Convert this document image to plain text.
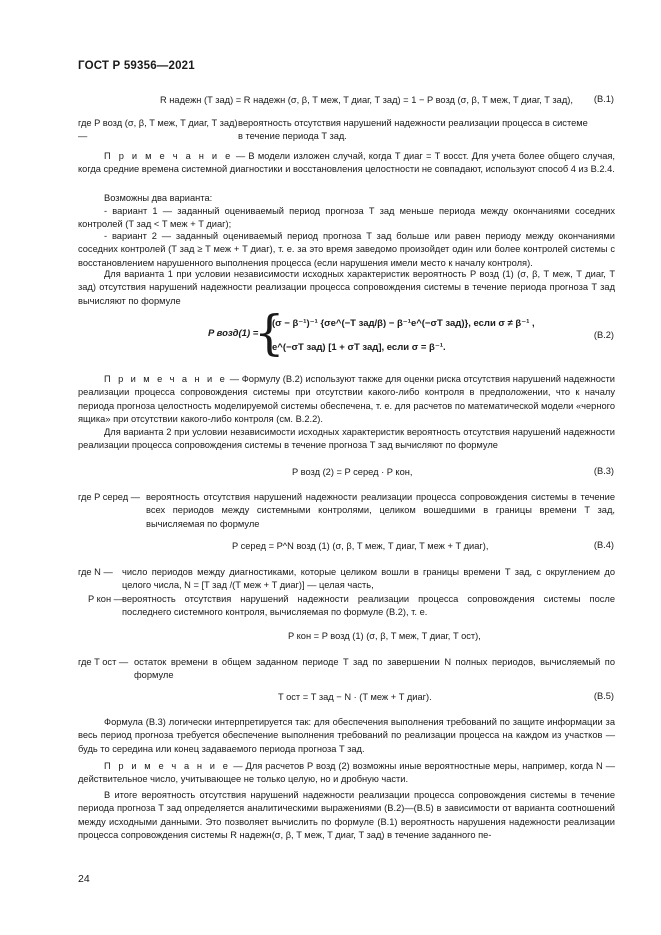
ГОСТ Р 59356—2021
R надежн (T зад) = R надежн (σ, β, T меж, T диаг, T зад) = 1 − P возд (σ, β, T меж, T диаг, T зад), (В.1)
где P возд (σ, β, T меж, T диаг, T зад) —
вероятность отсутствия нарушений надежности реализации процесса в системе
в течение периода T зад.
П р и м е ч а н и е — В модели изложен случай, когда T диаг = T восст. Для учета более общего случая, когда средние времена системной диагностики и восстановления целостности не совпадают, используют способ 4 из В.2.4.
Возможны два варианта:
- вариант 1 — заданный оцениваемый период прогноза T зад меньше периода между окончаниями соседних контролей (T зад < T меж + T диаг);
- вариант 2 — заданный оцениваемый период прогноза T зад больше или равен периоду между окончаниями соседних контролей (T зад ≥ T меж + T диаг), т. е. за это время заведомо произойдет один или более контролей системы с восстановлением нарушенного выполнения процесса (если нарушения имели место к началу контроля).
Для варианта 1 при условии независимости исходных характеристик вероятность P возд (1) (σ, β, T меж, T диаг, T зад) отсутствия нарушений надежности реализации процесса сопровождения системы в течение периода прогноза T зад вычисляют по формуле
P возд(1) =
{
(σ − β⁻¹)⁻¹ {σe^(−T зад/β) − β⁻¹e^(−σT зад)}, если σ ≠ β⁻¹ ,
e^(−σT зад) [1 + σT зад], если σ = β⁻¹.
(В.2)
П р и м е ч а н и е — Формулу (В.2) используют также для оценки риска отсутствия нарушений надежности реализации процесса сопровождения системы при отсутствии какого-либо контроля в предположении, что к началу периода прогноза целостность моделируемой системы обеспечена, т. е. для расчетов по математической модели «черного ящика» при отсутствии какого-либо контроля (см. В.2.2).
Для варианта 2 при условии независимости исходных характеристик вероятность отсутствия нарушений надежности реализации процесса сопровождения системы в течение прогноза T зад вычисляют по формуле
P возд (2) = P серед · P кон,	(В.3)
где P серед — вероятность отсутствия нарушений надежности реализации процесса сопровождения системы в течение всех периодов между системными контролями, целиком вошедшими в границы времени T зад, вычисляемая по формуле
P серед = P^N возд (1) (σ, β, T меж, T диаг, T меж + T диаг),	(В.4)
где N — число периодов между диагностиками, которые целиком вошли в границы времени T зад, с округлением до целого числа, N = [T зад /(T меж + T диаг)] — целая часть,
P кон — вероятность отсутствия нарушений надежности реализации процесса сопровождения системы после последнего системного контроля, вычисляемая по формуле (В.2), т. е.
P кон = P возд (1) (σ, β, T меж, T диаг, T ост),
где T ост — остаток времени в общем заданном периоде T зад по завершении N полных периодов, вычисляемый по формуле
T ост = T зад − N · (T меж + T диаг).	(В.5)
Формула (В.3) логически интерпретируется так: для обеспечения выполнения требований по защите информации за весь период прогноза требуется обеспечение выполнения требований по реализации процесса на каждом из участков — будь то середина или конец задаваемого периода прогноза T зад.
П р и м е ч а н и е — Для расчетов P возд (2) возможны иные вероятностные меры, например, когда N — действительное число, учитывающее не только целую, но и дробную части.
В итоге вероятность отсутствия нарушений надежности реализации процесса сопровождения системы в течение периода прогноза T зад определяется аналитическими выражениями (В.2)—(В.5) в зависимости от варианта соотношений между исходными данными. Это позволяет вычислить по формуле (В.1) вероятность нарушения надежности реализации процесса сопровождения системы R надежн(σ, β, T меж, T диаг, T зад) в течение заданного пе-
24
